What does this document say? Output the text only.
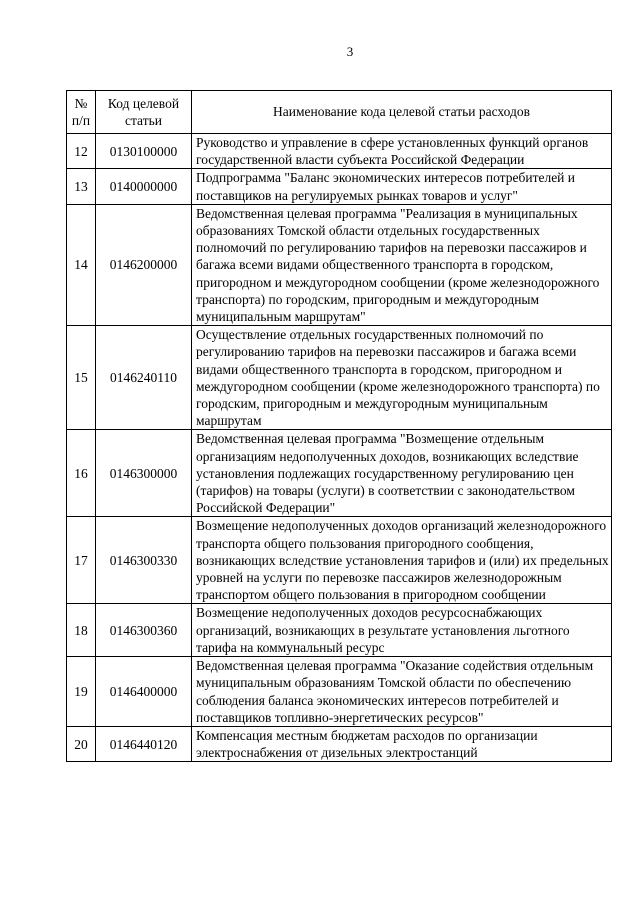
3
№ п/п	Код целевой статьи	Наименование кода целевой статьи расходов
12	0130100000	Руководство и управление в сфере установленных функций органов государственной власти субъекта Российской Федерации
13	0140000000	Подпрограмма "Баланс экономических интересов потребителей и поставщиков на регулируемых рынках товаров и услуг"
14	0146200000	Ведомственная целевая программа "Реализация в муниципальных образованиях Томской области отдельных государственных полномочий по регулированию тарифов на перевозки пассажиров и багажа всеми видами общественного транспорта в городском, пригородном и междугородном сообщении (кроме железнодорожного транспорта) по городским, пригородным и междугородным муниципальным маршрутам"
15	0146240110	Осуществление отдельных государственных полномочий по регулированию тарифов на перевозки пассажиров и багажа всеми видами общественного транспорта в городском, пригородном и междугородном сообщении (кроме железнодорожного транспорта) по городским, пригородным и междугородным муниципальным маршрутам
16	0146300000	Ведомственная целевая программа "Возмещение отдельным организациям недополученных доходов, возникающих вследствие установления подлежащих государственному регулированию цен (тарифов) на товары (услуги) в соответствии с законодательством Российской Федерации"
17	0146300330	Возмещение недополученных доходов организаций железнодорожного транспорта общего пользования пригородного сообщения, возникающих вследствие установления тарифов и (или) их предельных уровней на услуги по перевозке пассажиров железнодорожным транспортом общего пользования в пригородном сообщении
18	0146300360	Возмещение недополученных доходов ресурсоснабжающих организаций, возникающих в результате установления льготного тарифа на коммунальный ресурс
19	0146400000	Ведомственная целевая программа "Оказание содействия отдельным муниципальным образованиям Томской области по обеспечению соблюдения баланса экономических интересов потребителей и поставщиков топливно-энергетических ресурсов"
20	0146440120	Компенсация местным бюджетам расходов по организации электроснабжения от дизельных электростанций
